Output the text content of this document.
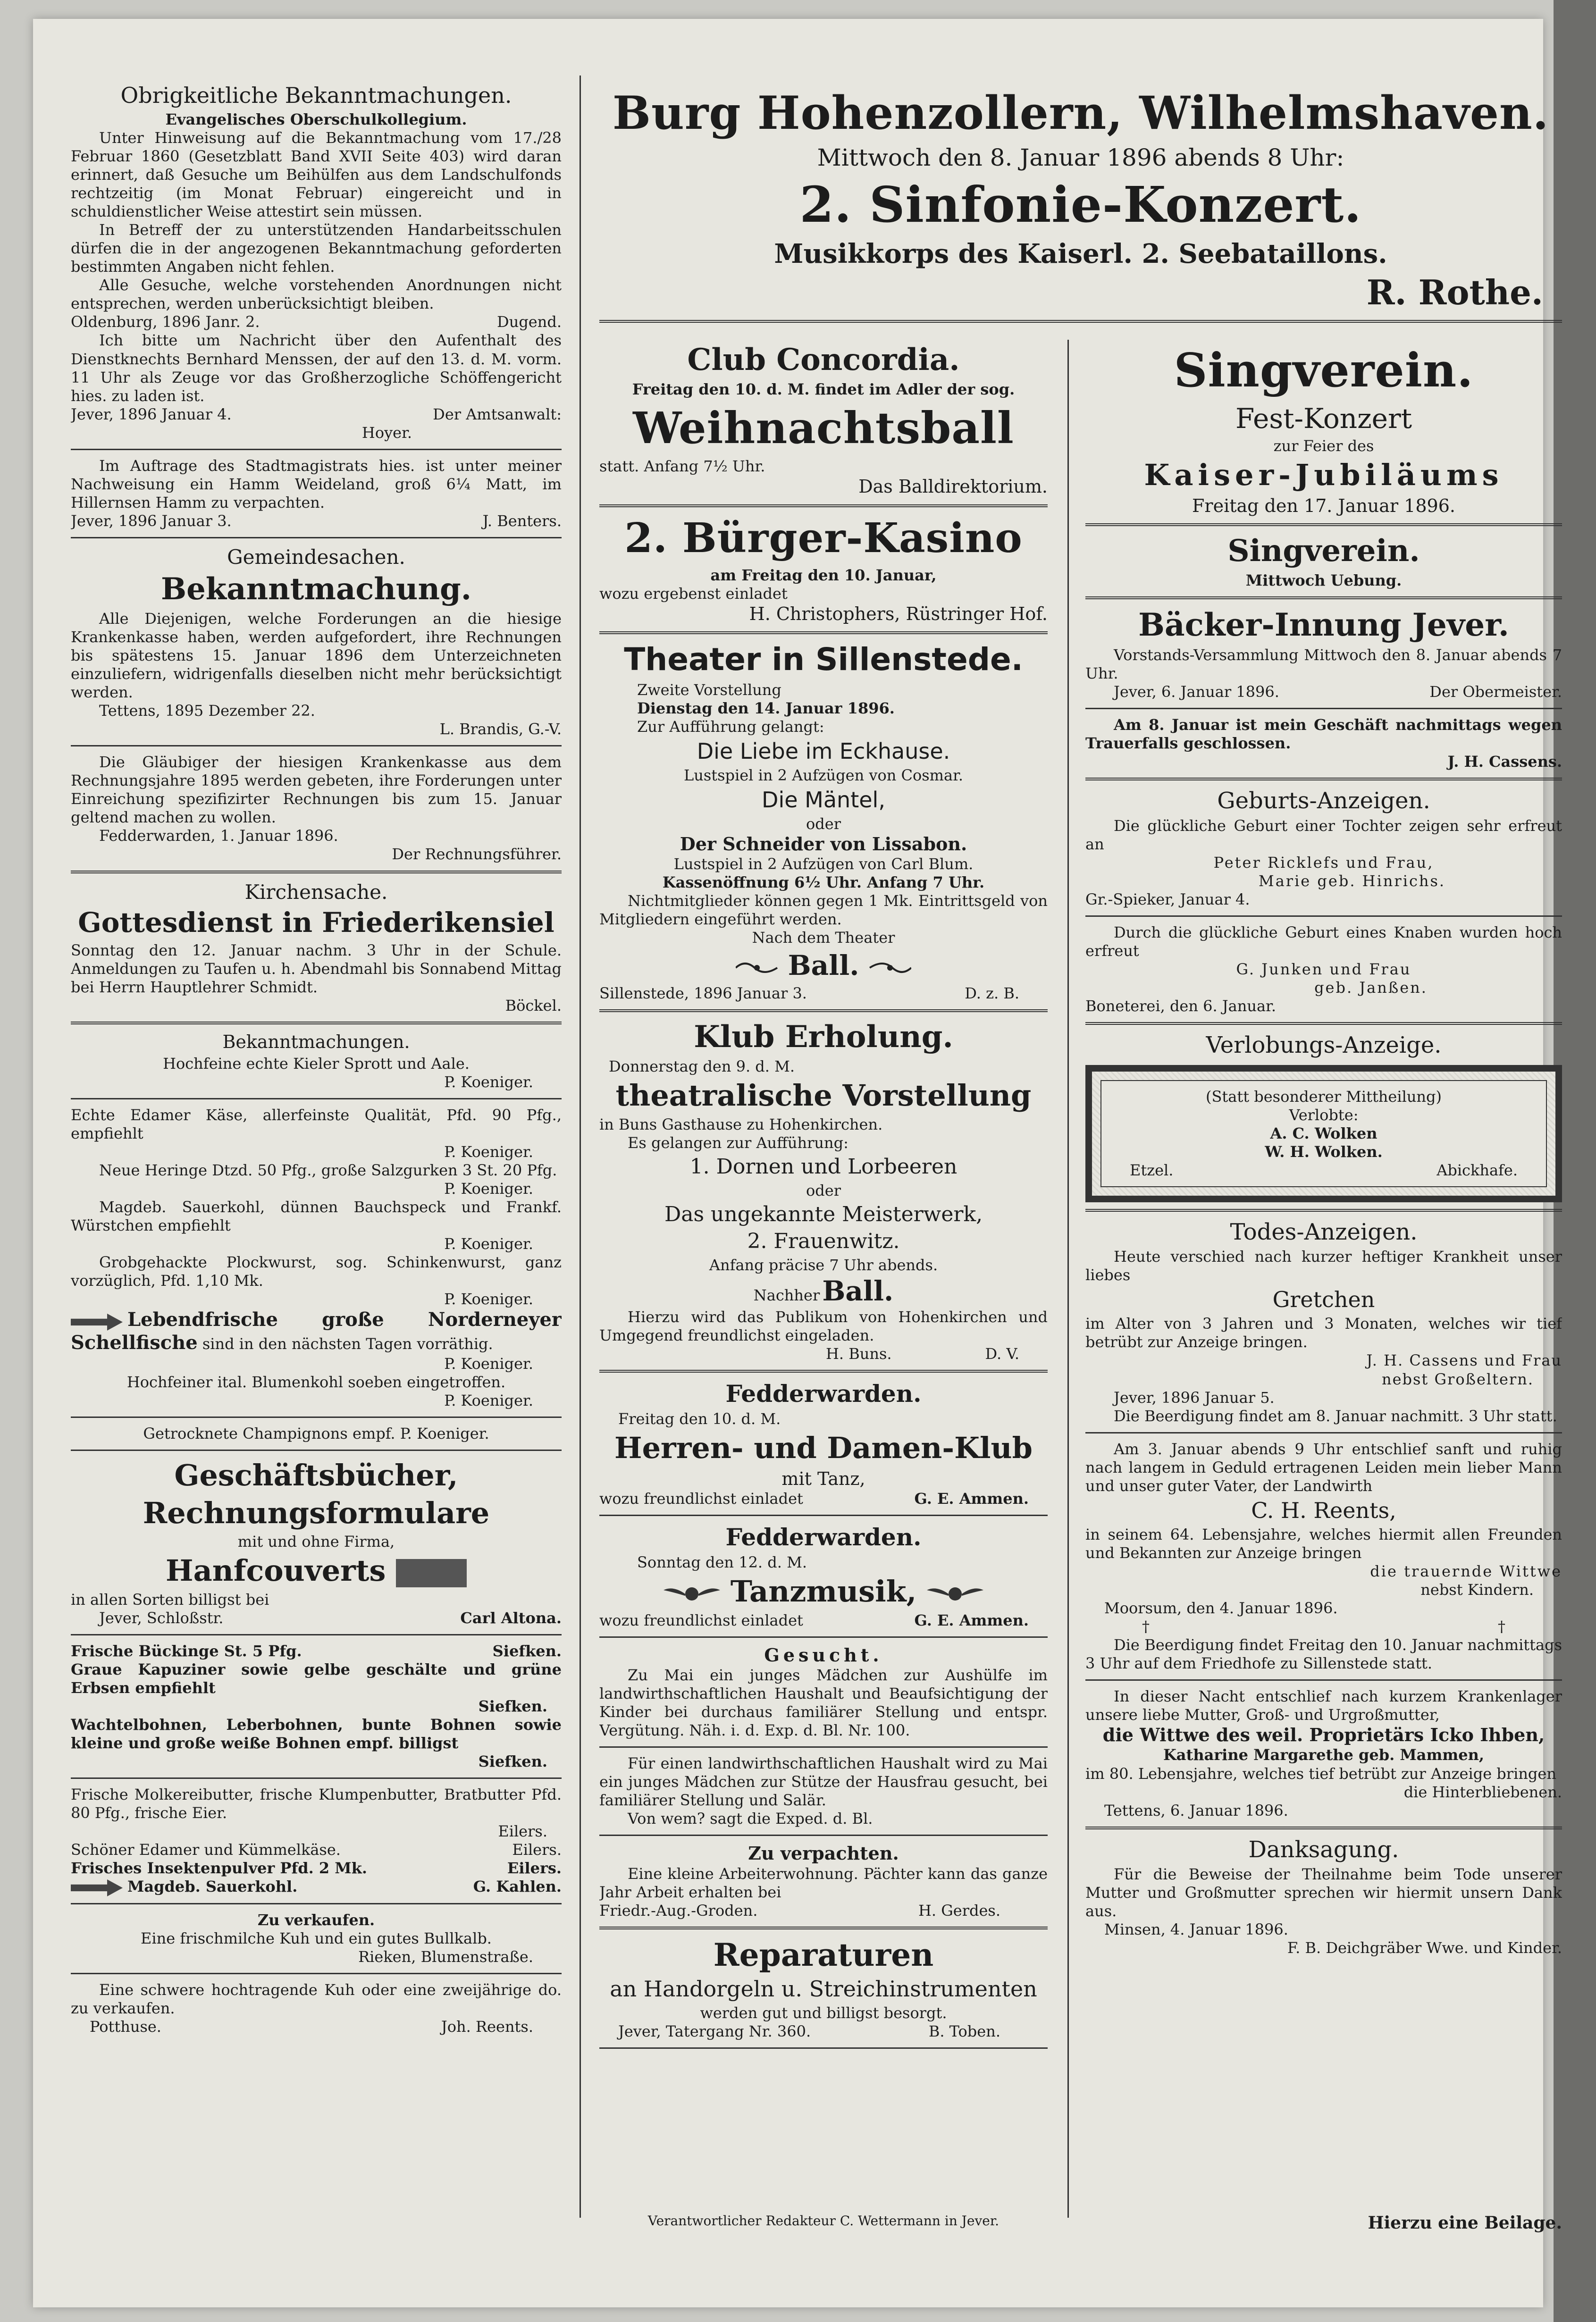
Burg Hohenzollern, Wilhelmshaven.

Mittwoch den 8. Januar 1896 abends 8 Uhr:

2. Sinfonie-Konzert.

Musikkorps des Kaiserl. 2. Seebataillons.

R. Rothe.

Obrigkeitliche Bekanntmachungen.

Evangelisches Oberschulkollegium.

Unter Hinweisung auf die Bekanntmachung vom 17./28 Februar 1860 (Gesetzblatt Band XVII Seite 403) wird daran erinnert, daß Gesuche um Beihülfen aus dem Landschulfonds rechtzeitig (im Monat Februar) eingereicht und in schuldienstlicher Weise attestirt sein müssen.

In Betreff der zu unterstützenden Handarbeitsschulen dürfen die in der angezogenen Bekanntmachung geforderten bestimmten Angaben nicht fehlen.

Alle Gesuche, welche vorstehenden Anordnungen nicht entsprechen, werden unberücksichtigt bleiben.

Oldenburg, 1896 Janr. 2.	Dugend.

Ich bitte um Nachricht über den Aufenthalt des Dienstknechts Bernhard Menssen, der auf den 13. d. M. vorm. 11 Uhr als Zeuge vor das Großherzogliche Schöffengericht hies. zu laden ist.

Jever, 1896 Januar 4.	Der Amtsanwalt:

Hoyer.

Im Auftrage des Stadtmagistrats hies. ist unter meiner Nachweisung ein Hamm Weideland, groß 6¼ Matt, im Hillernsen Hamm zu verpachten.

Jever, 1896 Januar 3.	J. Benters.

Gemeindesachen.

Bekanntmachung.

Alle Diejenigen, welche Forderungen an die hiesige Krankenkasse haben, werden aufgefordert, ihre Rechnungen bis spätestens 15. Januar 1896 dem Unterzeichneten einzuliefern, widrigenfalls dieselben nicht mehr berücksichtigt werden.

Tettens, 1895 Dezember 22.

L. Brandis, G.-V.

Die Gläubiger der hiesigen Krankenkasse aus dem Rechnungsjahre 1895 werden gebeten, ihre Forderungen unter Einreichung spezifizirter Rechnungen bis zum 15. Januar geltend machen zu wollen.

Fedderwarden, 1. Januar 1896.

Der Rechnungsführer.

Kirchensache.

Gottesdienst in Friederikensiel

Sonntag den 12. Januar nachm. 3 Uhr in der Schule. Anmeldungen zu Taufen u. h. Abendmahl bis Sonnabend Mittag bei Herrn Hauptlehrer Schmidt.

Böckel.

Bekanntmachungen.

Hochfeine echte Kieler Sprott und Aale.

P. Koeniger.

Echte Edamer Käse, allerfeinste Qualität, Pfd. 90 Pfg., empfiehlt

P. Koeniger.

Neue Heringe Dtzd. 50 Pfg., große Salzgurken 3 St. 20 Pfg.

P. Koeniger.

Magdeb. Sauerkohl, dünnen Bauchspeck und Frankf. Würstchen empfiehlt

P. Koeniger.

Grobgehackte Plockwurst, sog. Schinkenwurst, ganz vorzüglich, Pfd. 1,10 Mk.

P. Koeniger.

Lebendfrische große Norderneyer Schellfische sind in den nächsten Tagen vorräthig.

P. Koeniger.

Hochfeiner ital. Blumenkohl soeben eingetroffen.

P. Koeniger.

Getrocknete Champignons empf. P. Koeniger.

Geschäftsbücher,

Rechnungsformulare

mit und ohne Firma,

Hanfcouverts

in allen Sorten billigst bei

Jever, Schloßstr.	Carl Altona.
Frische Bückinge St. 5 Pfg.	Siefken.

Graue Kapuziner sowie gelbe geschälte und grüne Erbsen empfiehlt

Siefken.

Wachtelbohnen, Leberbohnen, bunte Bohnen sowie kleine und große weiße Bohnen empf. billigst

Siefken.

Frische Molkereibutter, frische Klumpenbutter, Bratbutter Pfd. 80 Pfg., frische Eier.

Eilers.

Schöner Edamer und Kümmelkäse.	Eilers.
Frisches Insektenpulver Pfd. 2 Mk.	Eilers.
Magdeb. Sauerkohl.	G. Kahlen.

Zu verkaufen.

Eine frischmilche Kuh und ein gutes Bullkalb.

Rieken, Blumenstraße.

Eine schwere hochtragende Kuh oder eine zweijährige do. zu verkaufen.

Potthuse.	Joh. Reents.

Club Concordia.

Freitag den 10. d. M. findet im Adler der sog.

Weihnachtsball

statt. Anfang 7½ Uhr.

Das Balldirektorium.

2. Bürger-Kasino

am Freitag den 10. Januar,

wozu ergebenst einladet

H. Christophers, Rüstringer Hof.

Theater in Sillenstede.

Zweite Vorstellung

Dienstag den 14. Januar 1896.

Zur Aufführung gelangt:

Die Liebe im Eckhause.

Lustspiel in 2 Aufzügen von Cosmar.

Die Mäntel,

oder

Der Schneider von Lissabon.

Lustspiel in 2 Aufzügen von Carl Blum.

Kassenöffnung 6½ Uhr. Anfang 7 Uhr.

Nichtmitglieder können gegen 1 Mk. Eintrittsgeld von Mitgliedern eingeführt werden.

Nach dem Theater

Ball.

Sillenstede, 1896 Januar 3.	D. z. B.

Klub Erholung.

Donnerstag den 9. d. M.

theatralische Vorstellung

in Buns Gasthause zu Hohenkirchen.

Es gelangen zur Aufführung:

1. Dornen und Lorbeeren

oder

Das ungekannte Meisterwerk,

2. Frauenwitz.

Anfang präcise 7 Uhr abends.

Nachher Ball.

Hierzu wird das Publikum von Hohenkirchen und Umgegend freundlichst eingeladen.

H. Buns.	D. V.

Fedderwarden.

Freitag den 10. d. M.

Herren- und Damen-Klub

mit Tanz,

wozu freundlichst einladet	G. E. Ammen.

Fedderwarden.

Sonntag den 12. d. M.

Tanzmusik,

wozu freundlichst einladet	G. E. Ammen.

Gesucht.

Zu Mai ein junges Mädchen zur Aushülfe im landwirthschaftlichen Haushalt und Beaufsichtigung der Kinder bei durchaus familiärer Stellung und entspr. Vergütung. Näh. i. d. Exp. d. Bl. Nr. 100.

Für einen landwirthschaftlichen Haushalt wird zu Mai ein junges Mädchen zur Stütze der Hausfrau gesucht, bei familiärer Stellung und Salär.

Von wem? sagt die Exped. d. Bl.

Zu verpachten.

Eine kleine Arbeiterwohnung. Pächter kann das ganze Jahr Arbeit erhalten bei

Friedr.-Aug.-Groden.	H. Gerdes.

Reparaturen

an Handorgeln u. Streichinstrumenten

werden gut und billigst besorgt.

Jever, Tatergang Nr. 360.	B. Toben.
Verantwortlicher Redakteur C. Wettermann in Jever.

Singverein.

Fest-Konzert

zur Feier des

Kaiser-Jubiläums

Freitag den 17. Januar 1896.

Singverein.

Mittwoch Uebung.

Bäcker-Innung Jever.

Vorstands-Versammlung Mittwoch den 8. Januar abends 7 Uhr.

Jever, 6. Januar 1896.	Der Obermeister.

Am 8. Januar ist mein Geschäft nachmittags wegen Trauerfalls geschlossen.

J. H. Cassens.

Geburts-Anzeigen.

Die glückliche Geburt einer Tochter zeigen sehr erfreut an

Peter Ricklefs und Frau,

Marie geb. Hinrichs.

Gr.-Spieker, Januar 4.

Durch die glückliche Geburt eines Knaben wurden hoch erfreut

G. Junken und Frau

geb. Janßen.

Boneterei, den 6. Januar.

Verlobungs-Anzeige.

(Statt besonderer Mittheilung)

Verlobte:

A. C. Wolken

W. H. Wolken.

Etzel.	Abickhafe.

Todes-Anzeigen.

Heute verschied nach kurzer heftiger Krankheit unser liebes

Gretchen

im Alter von 3 Jahren und 3 Monaten, welches wir tief betrübt zur Anzeige bringen.

J. H. Cassens und Frau

nebst Großeltern.

Jever, 1896 Januar 5.

Die Beerdigung findet am 8. Januar nachmitt. 3 Uhr statt.

Am 3. Januar abends 9 Uhr entschlief sanft und ruhig nach langem in Geduld ertragenen Leiden mein lieber Mann und unser guter Vater, der Landwirth

C. H. Reents,

in seinem 64. Lebensjahre, welches hiermit allen Freunden und Bekannten zur Anzeige bringen

die trauernde Wittwe

nebst Kindern.

Moorsum, den 4. Januar 1896.

†	†

Die Beerdigung findet Freitag den 10. Januar nachmittags 3 Uhr auf dem Friedhofe zu Sillenstede statt.

In dieser Nacht entschlief nach kurzem Krankenlager unsere liebe Mutter, Groß- und Urgroßmutter,

die Wittwe des weil. Proprietärs Icko Ihben,

Katharine Margarethe geb. Mammen,

im 80. Lebensjahre, welches tief betrübt zur Anzeige bringen

die Hinterbliebenen.

Tettens, 6. Januar 1896.

Danksagung.

Für die Beweise der Theilnahme beim Tode unserer Mutter und Großmutter sprechen wir hiermit unsern Dank aus.

Minsen, 4. Januar 1896.

F. B. Deichgräber Wwe. und Kinder.

Hierzu eine Beilage.
